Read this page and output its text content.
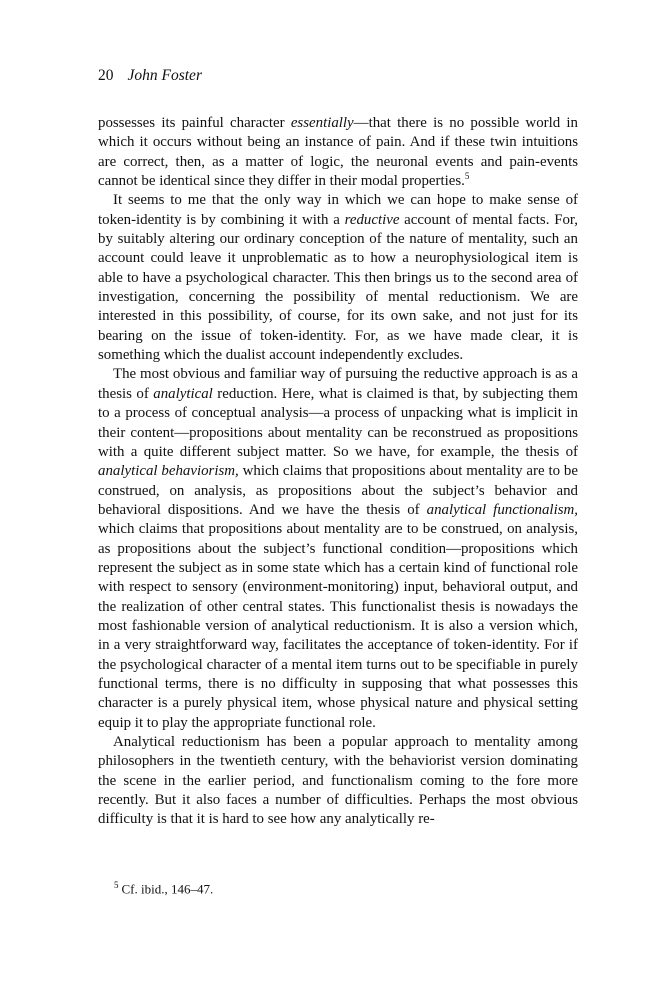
20 John Foster

possesses its painful character essentially—that there is no possible world in which it occurs without being an instance of pain. And if these twin intuitions are correct, then, as a matter of logic, the neuronal events and pain-events cannot be identical since they differ in their modal properties.$^5$

It seems to me that the only way in which we can hope to make sense of token-identity is by combining it with a reductive account of mental facts. For, by suitably altering our ordinary conception of the nature of mentality, such an account could leave it unproblematic as to how a neurophysiological item is able to have a psychological character. This then brings us to the second area of investigation, concerning the possibility of mental reductionism. We are interested in this possibility, of course, for its own sake, and not just for its bearing on the issue of token-identity. For, as we have made clear, it is something which the dualist account independently excludes.

The most obvious and familiar way of pursuing the reductive approach is as a thesis of analytical reduction. Here, what is claimed is that, by subjecting them to a process of conceptual analysis—a process of unpacking what is implicit in their content—propositions about mentality can be reconstrued as propositions with a quite different subject matter. So we have, for example, the thesis of analytical behaviorism, which claims that propositions about mentality are to be construed, on analysis, as propositions about the subject’s behavior and behavioral dispositions. And we have the thesis of analytical functionalism, which claims that propositions about mentality are to be construed, on analysis, as propositions about the subject’s functional condition—propositions which represent the subject as in some state which has a certain kind of functional role with respect to sensory (environment-monitoring) input, behavioral output, and the realization of other central states. This functionalist thesis is nowadays the most fashionable version of analytical reductionism. It is also a version which, in a very straightforward way, facilitates the acceptance of token-identity. For if the psychological character of a mental item turns out to be specifiable in purely functional terms, there is no difficulty in supposing that what possesses this character is a purely physical item, whose physical nature and physical setting equip it to play the appropriate functional role.

Analytical reductionism has been a popular approach to mentality among philosophers in the twentieth century, with the behaviorist version dominating the scene in the earlier period, and functionalism coming to the fore more recently. But it also faces a number of difficulties. Perhaps the most obvious difficulty is that it is hard to see how any analytically re-

$^5$ Cf. ibid., 146–47.
